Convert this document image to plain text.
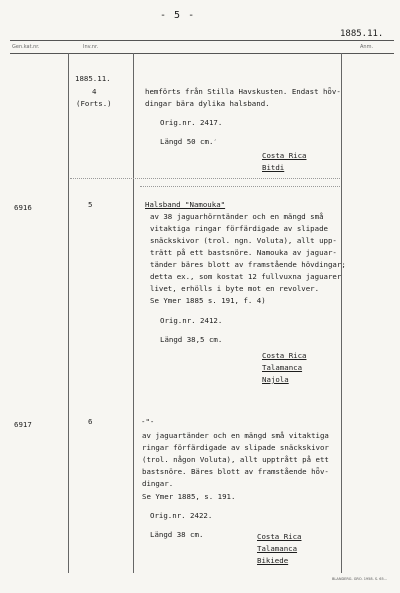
- 5 -
1885.11.
Gen.kat.nr.	Inv.nr.	Anm.
1885.11.
4
(Forts.)
hemförts från Stilla Havskusten. Endast hȫv-
dingar bära dylika halsband.
Orig.nr. 2417.
Längd 50 cm. ¸
Costa Rica
Bitdi
6916	5	Halsband "Namouka"
av 38 jaguarhörntänder och en mängd små
vitaktiga ringar förfärdigade av slipade
snäckskivor (trol. ngn. Voluta), allt upp-
trätt på ett bastsnöre. Namouka av jaguar-
tänder bäres blott av framstående hövdingar;
detta ex., som kostat 12 fullvuxna jaguarer
livet, erhölls i byte mot en revolver.
Se Ymer 1885 s. 191, f. 4)
Orig.nr. 2412.
Längd 38,5 cm.
Costa Rica
Talamanca
Najola
6917	6	-"-
av jaguartänder och en mängd små vitaktiga
ringar förfärdigade av slipade snäckskivor
(trol. någon Voluta), allt upptrått på ett
bastsnöre. Bäres blott av framstående hȫv-
dingar.
Se Ymer 1885, s. 191.
Orig.nr. 2422.
Längd 38 cm.	Costa Rica
Talamanca
Bikiede
BLANDERG. GRO. 1958. S. 65...
